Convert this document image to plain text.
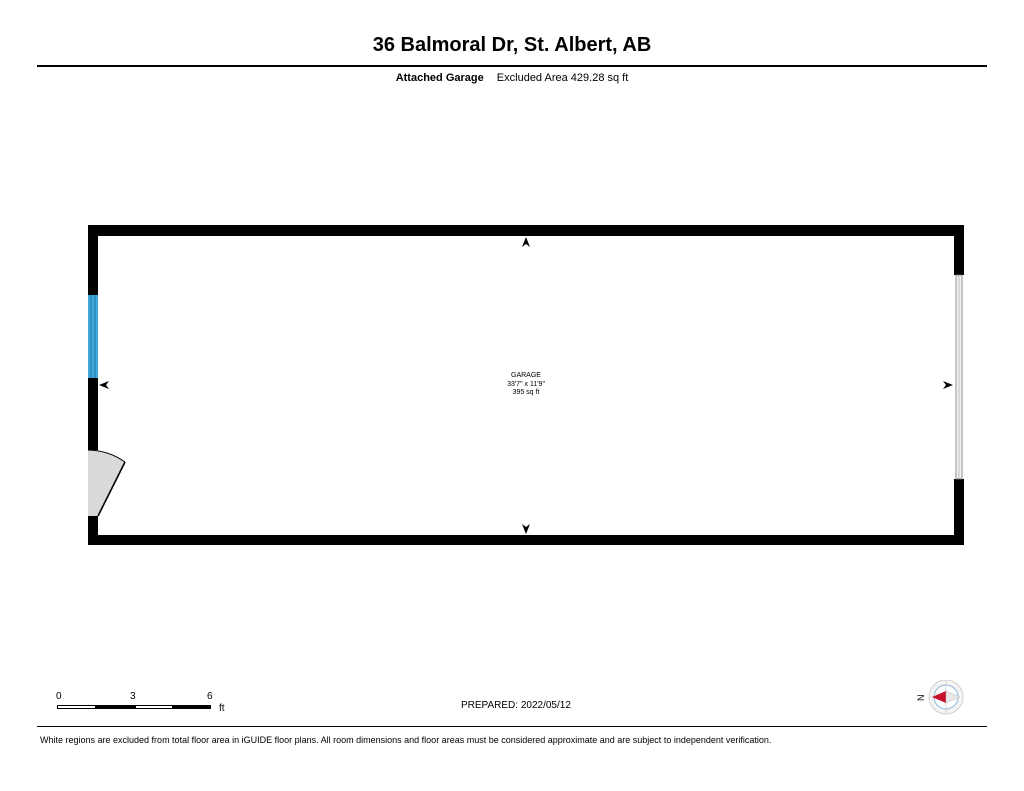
36 Balmoral Dr, St. Albert, AB
Attached Garage Excluded Area 429.28 sq ft
GARAGE
33'7" x 11'9"
395 sq ft
0	3	6
ft	PREPARED: 2022/05/12
N
White regions are excluded from total floor area in iGUIDE floor plans. All room dimensions and floor areas must be considered approximate and are subject to independent verification.
